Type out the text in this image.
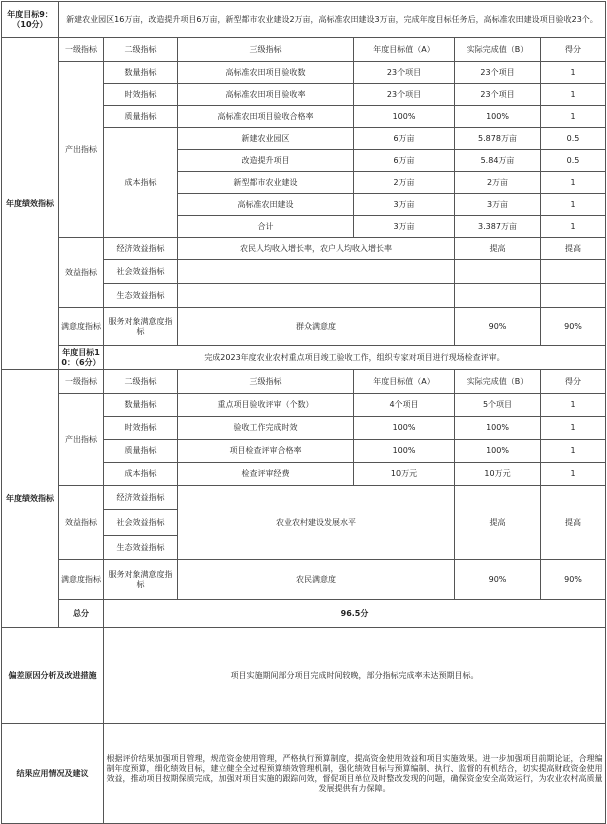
年度目标9：（10分）	新建农业园区16万亩，改造提升项目6万亩，新型都市农业建设2万亩，高标准农田建设3万亩，完成年度目标任务后，高标准农田建设项目验收23个。						
年度绩效指标	一级指标	二级指标	三级指标	年度目标值（A）	实际完成值（B）	得分	
	产出指标	数量指标	高标准农田项目验收数	23个项目	23个项目	1	
		时效指标	高标准农田项目验收率	23个项目	23个项目	1	
		质量指标	高标准农田项目验收合格率	100%	100%	1	
		成本指标	新建农业园区	6万亩	5.878万亩	0.5	
			改造提升项目	6万亩	5.84万亩	0.5	
			新型都市农业建设	2万亩	2万亩	1	
			高标准农田建设	3万亩	3万亩	1	
			合计	3万亩	3.387万亩	1	
	效益指标	经济效益指标	农民人均收入增长率，农户人均收入增长率		提高	提高	
		社会效益指标					
		生态效益指标					
	满意度指标	服务对象满意度指标	群众满意度		90%	90%	
	年度目标10：（6分）	完成2023年度农业农村重点项目竣工验收工作，组织专家对项目进行现场检查评审。					
年度绩效指标	一级指标	二级指标	三级指标	年度目标值（A）	实际完成值（B）	得分	
	产出指标	数量指标	重点项目验收评审（个数）	4个项目	5个项目	1	
		时效指标	验收工作完成时效	100%	100%	1	
		质量指标	项目检查评审合格率	100%	100%	1	
		成本指标	检查评审经费	10万元	10万元	1	
	效益指标	经济效益指标	农业农村建设发展水平		提高	提高	
		社会效益指标					
		生态效益指标					
	满意度指标	服务对象满意度指标	农民满意度		90%	90%	
	总分	96.5分					
偏差原因分析及改进措施		项目实施期间部分项目完成时间较晚，部分指标完成率未达预期目标。					
结果应用情况及建议		根据评价结果加强项目管理，规范资金使用管理，严格执行预算制度，提高资金使用效益和项目实施效果。进一步加强项目前期论证，合理编制年度预算，细化绩效目标，建立健全全过程预算绩效管理机制，强化绩效目标与预算编制、执行、监督的有机结合，切实提高财政资金使用效益，推动项目按期保质完成，加强对项目实施的跟踪问效，督促项目单位及时整改发现的问题，确保资金安全高效运行，为农业农村高质量发展提供有力保障。					
